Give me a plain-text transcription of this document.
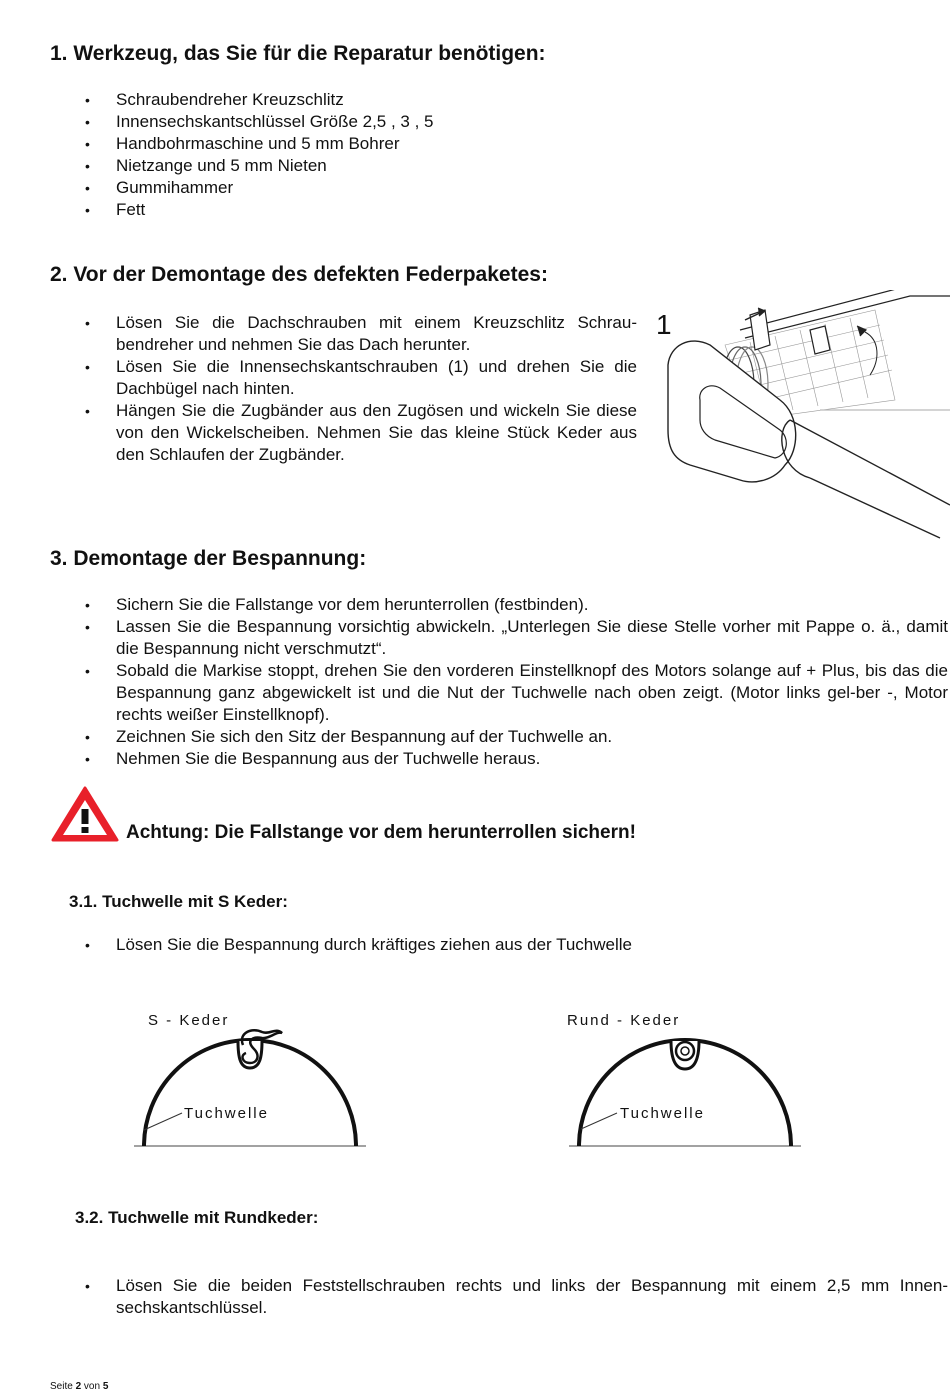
1. Werkzeug, das Sie für die Reparatur benötigen:
• Schraubendreher Kreuzschlitz
• Innensechskantschlüssel Größe 2,5 , 3 , 5
• Handbohrmaschine und 5 mm Bohrer
• Nietzange und 5 mm Nieten
• Gummihammer
• Fett
2. Vor der Demontage des defekten Federpaketes:
• Lösen Sie die Dachschrauben mit einem Kreuzschlitz Schrau-bendreher und nehmen Sie das Dach herunter.
• Lösen Sie die Innensechskantschrauben (1) und drehen Sie die Dachbügel nach hinten.
• Hängen Sie die Zugbänder aus den Zugösen und wickeln Sie diese von den Wickelscheiben. Nehmen Sie das kleine Stück Keder aus den Schlaufen der Zugbänder.
1
3. Demontage der Bespannung:
• Sichern Sie die Fallstange vor dem herunterrollen (festbinden).
• Lassen Sie die Bespannung vorsichtig abwickeln. „Unterlegen Sie diese Stelle vorher mit Pappe o. ä., damit die Bespannung nicht verschmutzt“.
• Sobald die Markise stoppt, drehen Sie den vorderen Einstellknopf des Motors solange auf + Plus, bis das die Bespannung ganz abgewickelt ist und die Nut der Tuchwelle nach oben zeigt. (Motor links gel-ber -, Motor rechts weißer Einstellknopf).
• Zeichnen Sie sich den Sitz der Bespannung auf der Tuchwelle an.
• Nehmen Sie die Bespannung aus der Tuchwelle heraus.
Achtung: Die Fallstange vor dem herunterrollen sichern!
3.1. Tuchwelle mit S Keder:
• Lösen Sie die Bespannung durch kräftiges ziehen aus der Tuchwelle
S - Keder
Tuchwelle
Rund - Keder
Tuchwelle
3.2. Tuchwelle mit Rundkeder:
• Lösen Sie die beiden Feststellschrauben rechts und links der Bespannung mit einem 2,5 mm Innen-sechskantschlüssel.
Seite 2 von 5
